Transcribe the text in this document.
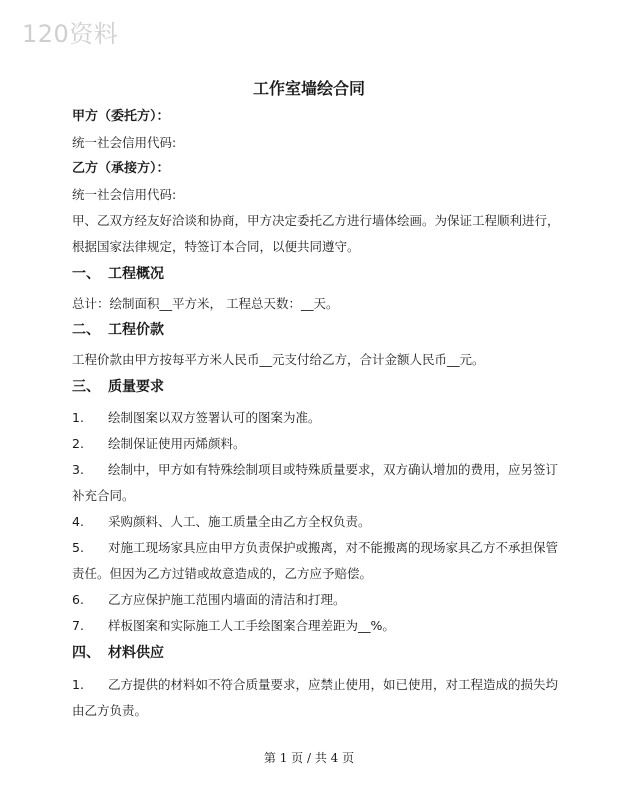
120资料
工作室墙绘合同
甲方（委托方）：
统一社会信用代码:
乙方（承接方）：
统一社会信用代码:
甲、乙双方经友好洽谈和协商，甲方决定委托乙方进行墙体绘画。为保证工程顺利进行，
根据国家法律规定，特签订本合同，以便共同遵守。
一、 工程概况
总计：绘制面积__平方米， 工程总天数：__天。
二、 工程价款
工程价款由甲方按每平方米人民币__元支付给乙方，合计金额人民币__元。
三、 质量要求
1. 绘制图案以双方签署认可的图案为准。
2. 绘制保证使用丙烯颜料。
3. 绘制中，甲方如有特殊绘制项目或特殊质量要求，双方确认增加的费用，应另签订
补充合同。
4. 采购颜料、人工、施工质量全由乙方全权负责。
5. 对施工现场家具应由甲方负责保护或搬离，对不能搬离的现场家具乙方不承担保管
责任。但因为乙方过错或故意造成的，乙方应予赔偿。
6. 乙方应保护施工范围内墙面的清洁和打理。
7. 样板图案和实际施工人工手绘图案合理差距为__%。
四、 材料供应
1. 乙方提供的材料如不符合质量要求，应禁止使用，如已使用，对工程造成的损失均
由乙方负责。
第 1 页 / 共 4 页
